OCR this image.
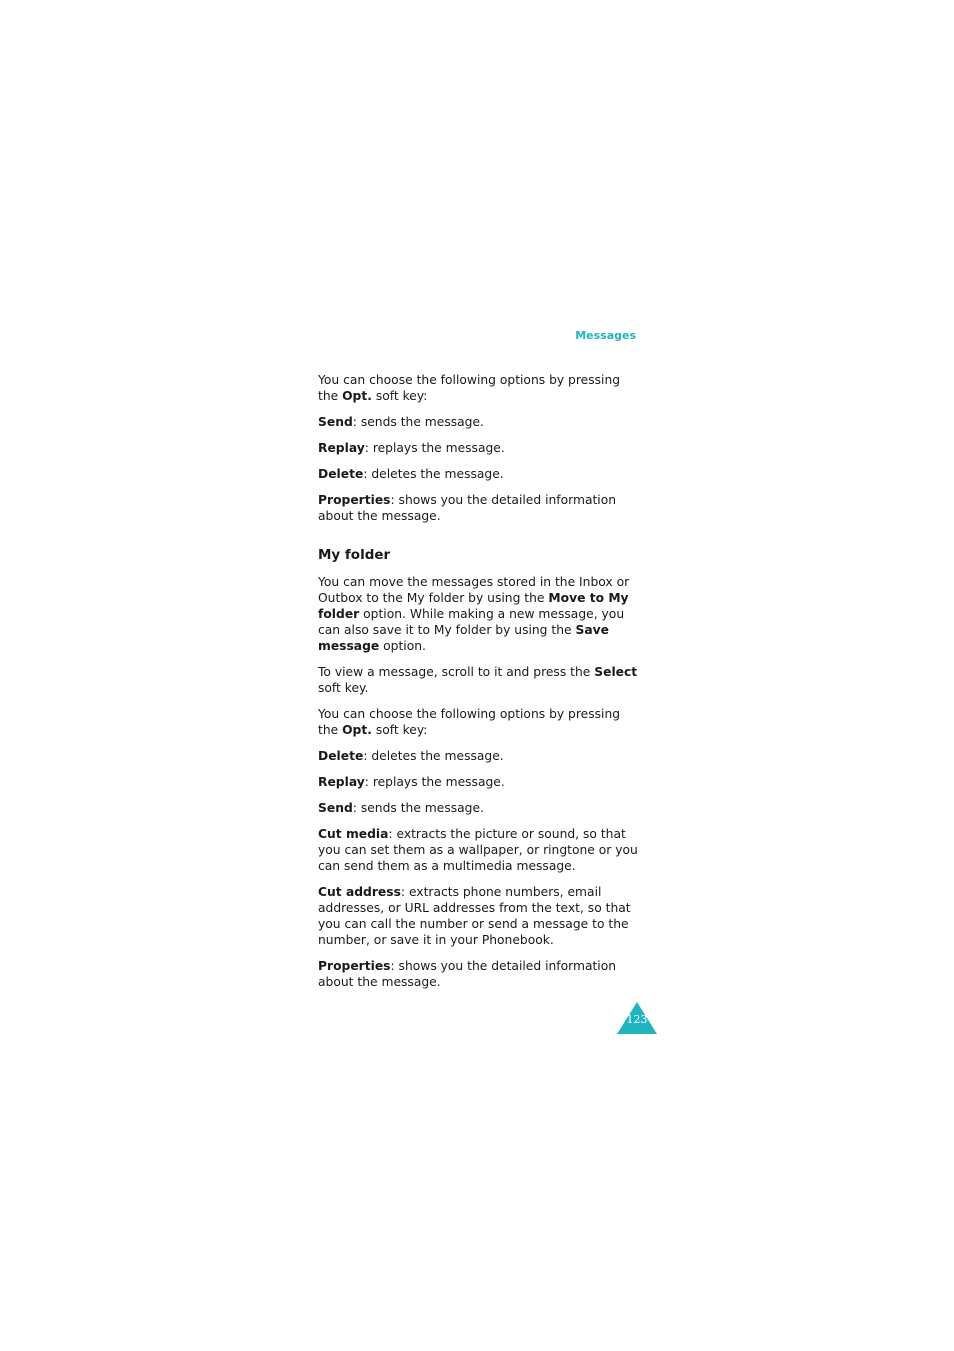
Messages

You can choose the following options by pressing the Opt. soft key:

Send: sends the message.

Replay: replays the message.

Delete: deletes the message.

Properties: shows you the detailed information about the message.

My folder

You can move the messages stored in the Inbox or Outbox to the My folder by using the Move to My folder option. While making a new message, you can also save it to My folder by using the Save message option.

To view a message, scroll to it and press the Select soft key.

You can choose the following options by pressing the Opt. soft key:

Delete: deletes the message.

Replay: replays the message.

Send: sends the message.

Cut media: extracts the picture or sound, so that you can set them as a wallpaper, or ringtone or you can send them as a multimedia message.

Cut address: extracts phone numbers, email addresses, or URL addresses from the text, so that you can call the number or send a message to the number, or save it in your Phonebook.

Properties: shows you the detailed information about the message.

123
